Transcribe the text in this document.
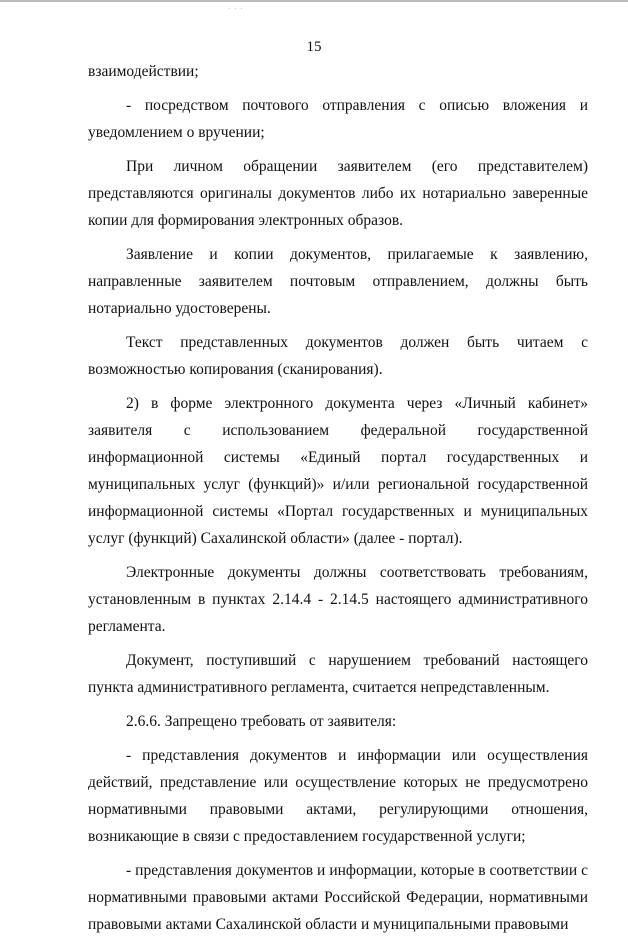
· · ·
15

взаимодействии;

- посредством почтового отправления с описью вложения и уведомлением о вручении;

При личном обращении заявителем (его представителем) представляются оригиналы документов либо их нотариально заверенные копии для формирования электронных образов.

Заявление и копии документов, прилагаемые к заявлению, направленные заявителем почтовым отправлением, должны быть нотариально удостоверены.

Текст представленных документов должен быть читаем с возможностью копирования (сканирования).

2) в форме электронного документа через «Личный кабинет» заявителя с использованием федеральной государственной информационной системы «Единый портал государственных и муниципальных услуг (функций)» и/или региональной государственной информационной системы «Портал государственных и муниципальных услуг (функций) Сахалинской области» (далее - портал).

Электронные документы должны соответствовать требованиям, установленным в пунктах 2.14.4 - 2.14.5 настоящего административного регламента.

Документ, поступивший с нарушением требований настоящего пункта административного регламента, считается непредставленным.

2.6.6. Запрещено требовать от заявителя:

- представления документов и информации или осуществления действий, представление или осуществление которых не предусмотрено нормативными правовыми актами, регулирующими отношения, возникающие в связи с предоставлением государственной услуги;

- представления документов и информации, которые в соответствии с нормативными правовыми актами Российской Федерации, нормативными правовыми актами Сахалинской области и муниципальными правовыми
